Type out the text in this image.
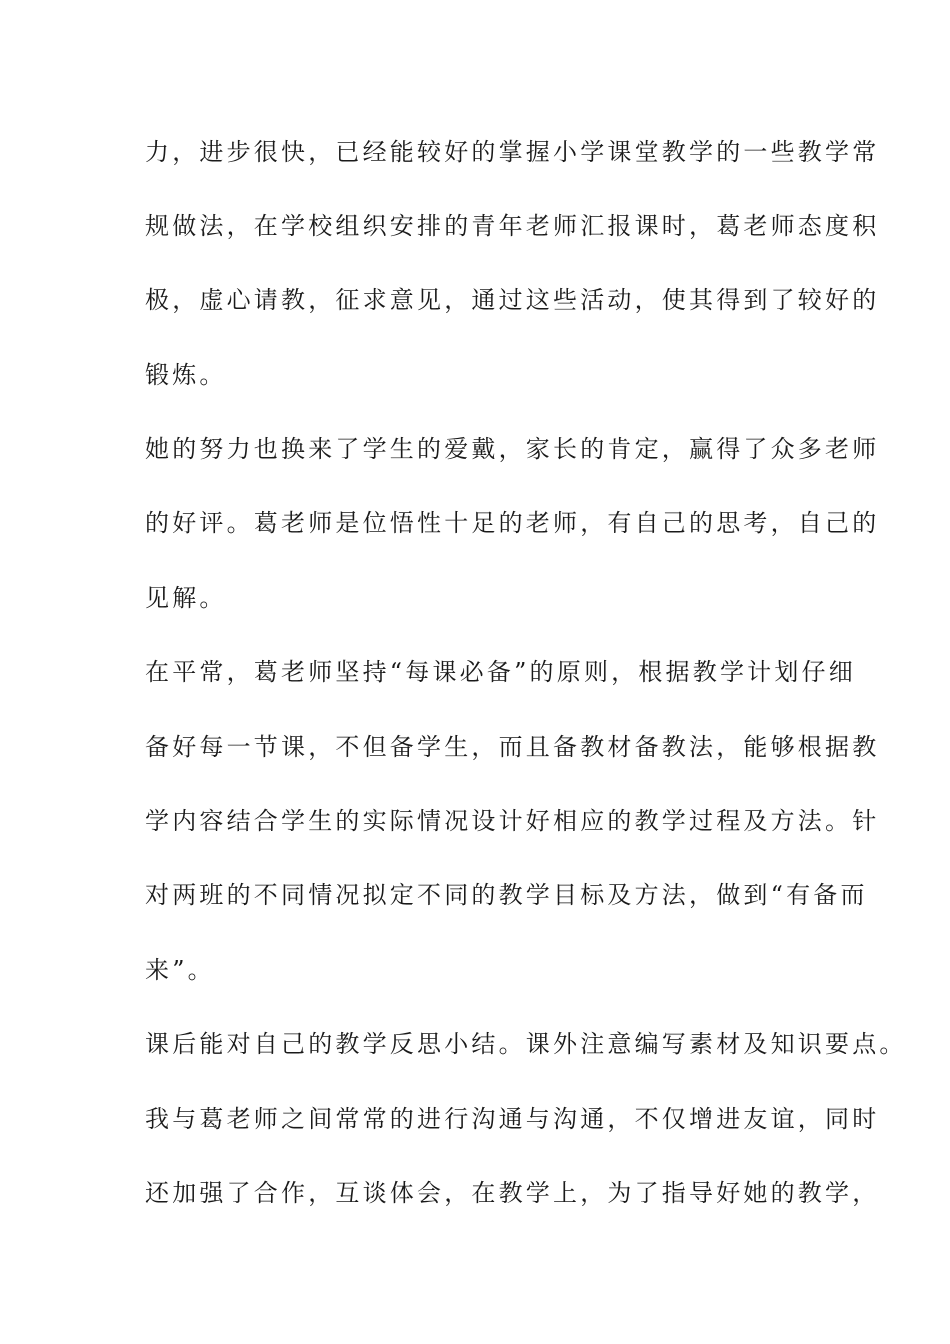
力，进步很快，已经能较好的掌握小学课堂教学的一些教学常
规做法，在学校组织安排的青年老师汇报课时，葛老师态度积
极，虚心请教，征求意见，通过这些活动，使其得到了较好的
锻炼。
她的努力也换来了学生的爱戴，家长的肯定，赢得了众多老师
的好评。葛老师是位悟性十足的老师，有自己的思考，自己的
见解。
在平常，葛老师坚持“每课必备”的原则，根据教学计划仔细
备好每一节课，不但备学生，而且备教材备教法，能够根据教
学内容结合学生的实际情况设计好相应的教学过程及方法。针
对两班的不同情况拟定不同的教学目标及方法，做到“有备而
来”。
课后能对自己的教学反思小结。课外注意编写素材及知识要点。
我与葛老师之间常常的进行沟通与沟通，不仅增进友谊，同时
还加强了合作，互谈体会，在教学上，为了指导好她的教学，
